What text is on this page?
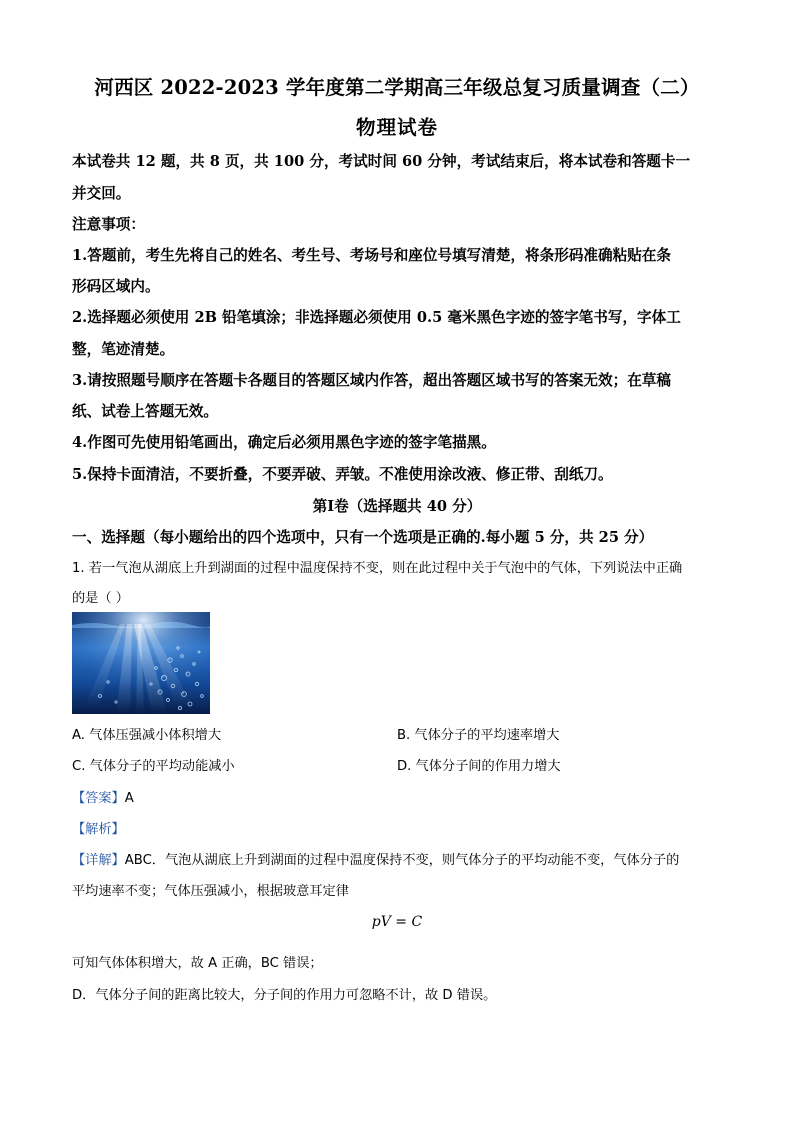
河西区 2022-2023 学年度第二学期高三年级总复习质量调查（二）
物理试卷
本试卷共 12 题，共 8 页，共 100 分，考试时间 60 分钟，考试结束后，将本试卷和答题卡一
并交回。
注意事项：
1.答题前，考生先将自己的姓名、考生号、考场号和座位号填写清楚，将条形码准确粘贴在条
形码区域内。
2.选择题必须使用 2B 铅笔填涂；非选择题必须使用 0.5 毫米黑色字迹的签字笔书写，字体工
整，笔迹清楚。
3.请按照题号顺序在答题卡各题目的答题区域内作答，超出答题区域书写的答案无效；在草稿
纸、试卷上答题无效。
4.作图可先使用铅笔画出，确定后必须用黑色字迹的签字笔描黑。
5.保持卡面清洁，不要折叠，不要弄破、弄皱。不准使用涂改液、修正带、刮纸刀。
第Ⅰ卷（选择题共 40 分）
一、选择题（每小题给出的四个选项中，只有一个选项是正确的.每小题 5 分，共 25 分）
1. 若一气泡从湖底上升到湖面的过程中温度保持不变，则在此过程中关于气泡中的气体，下列说法中正确
的是（ ）
A. 气体压强减小体积增大	B. 气体分子的平均速率增大
C. 气体分子的平均动能减小	D. 气体分子间的作用力增大
【答案】A
【解析】
【详解】ABC．气泡从湖底上升到湖面的过程中温度保持不变，则气体分子的平均动能不变，气体分子的
平均速率不变；气体压强减小，根据玻意耳定律
pV = C
可知气体体积增大，故 A 正确，BC 错误；
D．气体分子间的距离比较大，分子间的作用力可忽略不计，故 D 错误。
